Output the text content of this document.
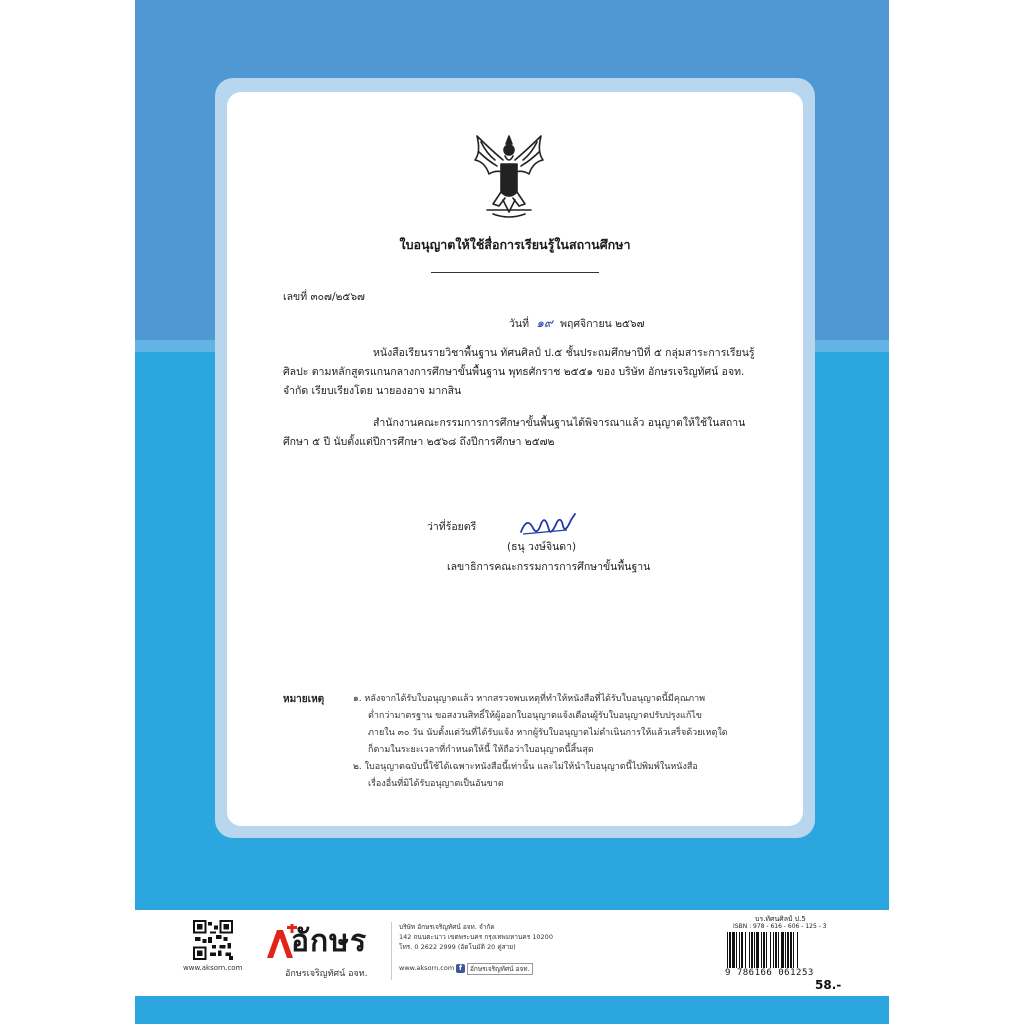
ใบอนุญาตให้ใช้สื่อการเรียนรู้ในสถานศึกษา
เลขที่ ๓๐๗/๒๕๖๗
วันที่ ๑๙ พฤศจิกายน ๒๕๖๗
หนังสือเรียนรายวิชาพื้นฐาน ทัศนศิลป์ ป.๕ ชั้นประถมศึกษาปีที่ ๕ กลุ่มสาระการเรียนรู้ศิลปะ ตามหลักสูตรแกนกลางการศึกษาขั้นพื้นฐาน พุทธศักราช ๒๕๕๑ ของ บริษัท อักษรเจริญทัศน์ อจท. จำกัด เรียบเรียงโดย นายองอาจ มากสิน
สำนักงานคณะกรรมการการศึกษาขั้นพื้นฐานได้พิจารณาแล้ว อนุญาตให้ใช้ในสถานศึกษา ๕ ปี นับตั้งแต่ปีการศึกษา ๒๕๖๘ ถึงปีการศึกษา ๒๕๗๒
ว่าที่ร้อยตรี
(ธนุ วงษ์จินดา)
เลขาธิการคณะกรรมการการศึกษาขั้นพื้นฐาน
หมายเหตุ	๑. หลังจากได้รับใบอนุญาตแล้ว หากสรวจพบเหตุที่ทำให้หนังสือที่ได้รับใบอนุญาตนี้มีคุณภาพ
ต่ำกว่ามาตรฐาน ขอสงวนสิทธิ์ให้ผู้ออกใบอนุญาตแจ้งเตือนผู้รับใบอนุญาตปรับปรุงแก้ไข
ภายใน ๓๐ วัน นับตั้งแต่วันที่ได้รับแจ้ง หากผู้รับใบอนุญาตไม่ดำเนินการให้แล้วเสร็จด้วยเหตุใด
ก็ตามในระยะเวลาที่กำหนดให้นี้ ให้ถือว่าใบอนุญาตนี้สิ้นสุด
๒. ใบอนุญาตฉบับนี้ใช้ได้เฉพาะหนังสือนี้เท่านั้น และไม่ให้นำใบอนุญาตนี้ไปพิมพ์ในหนังสือ
เรื่องอื่นที่มิได้รับอนุญาตเป็นอันขาด
www.aksorn.com
อักษร
อักษรเจริญทัศน์ อจท.
บริษัท อักษรเจริญทัศน์ อจท. จำกัด
142 ถนนตะนาว เขตพระนคร กรุงเทพมหานคร 10200
โทร. 0 2622 2999 (อัตโนมัติ 20 คู่สาย)
www.aksorn.com f	อักษรเจริญทัศน์ อจท.
บร.ทัศนศิลป์ ป.5
ISBN : 978 - 616 - 606 - 125 - 3
9 786166 061253
58.-
